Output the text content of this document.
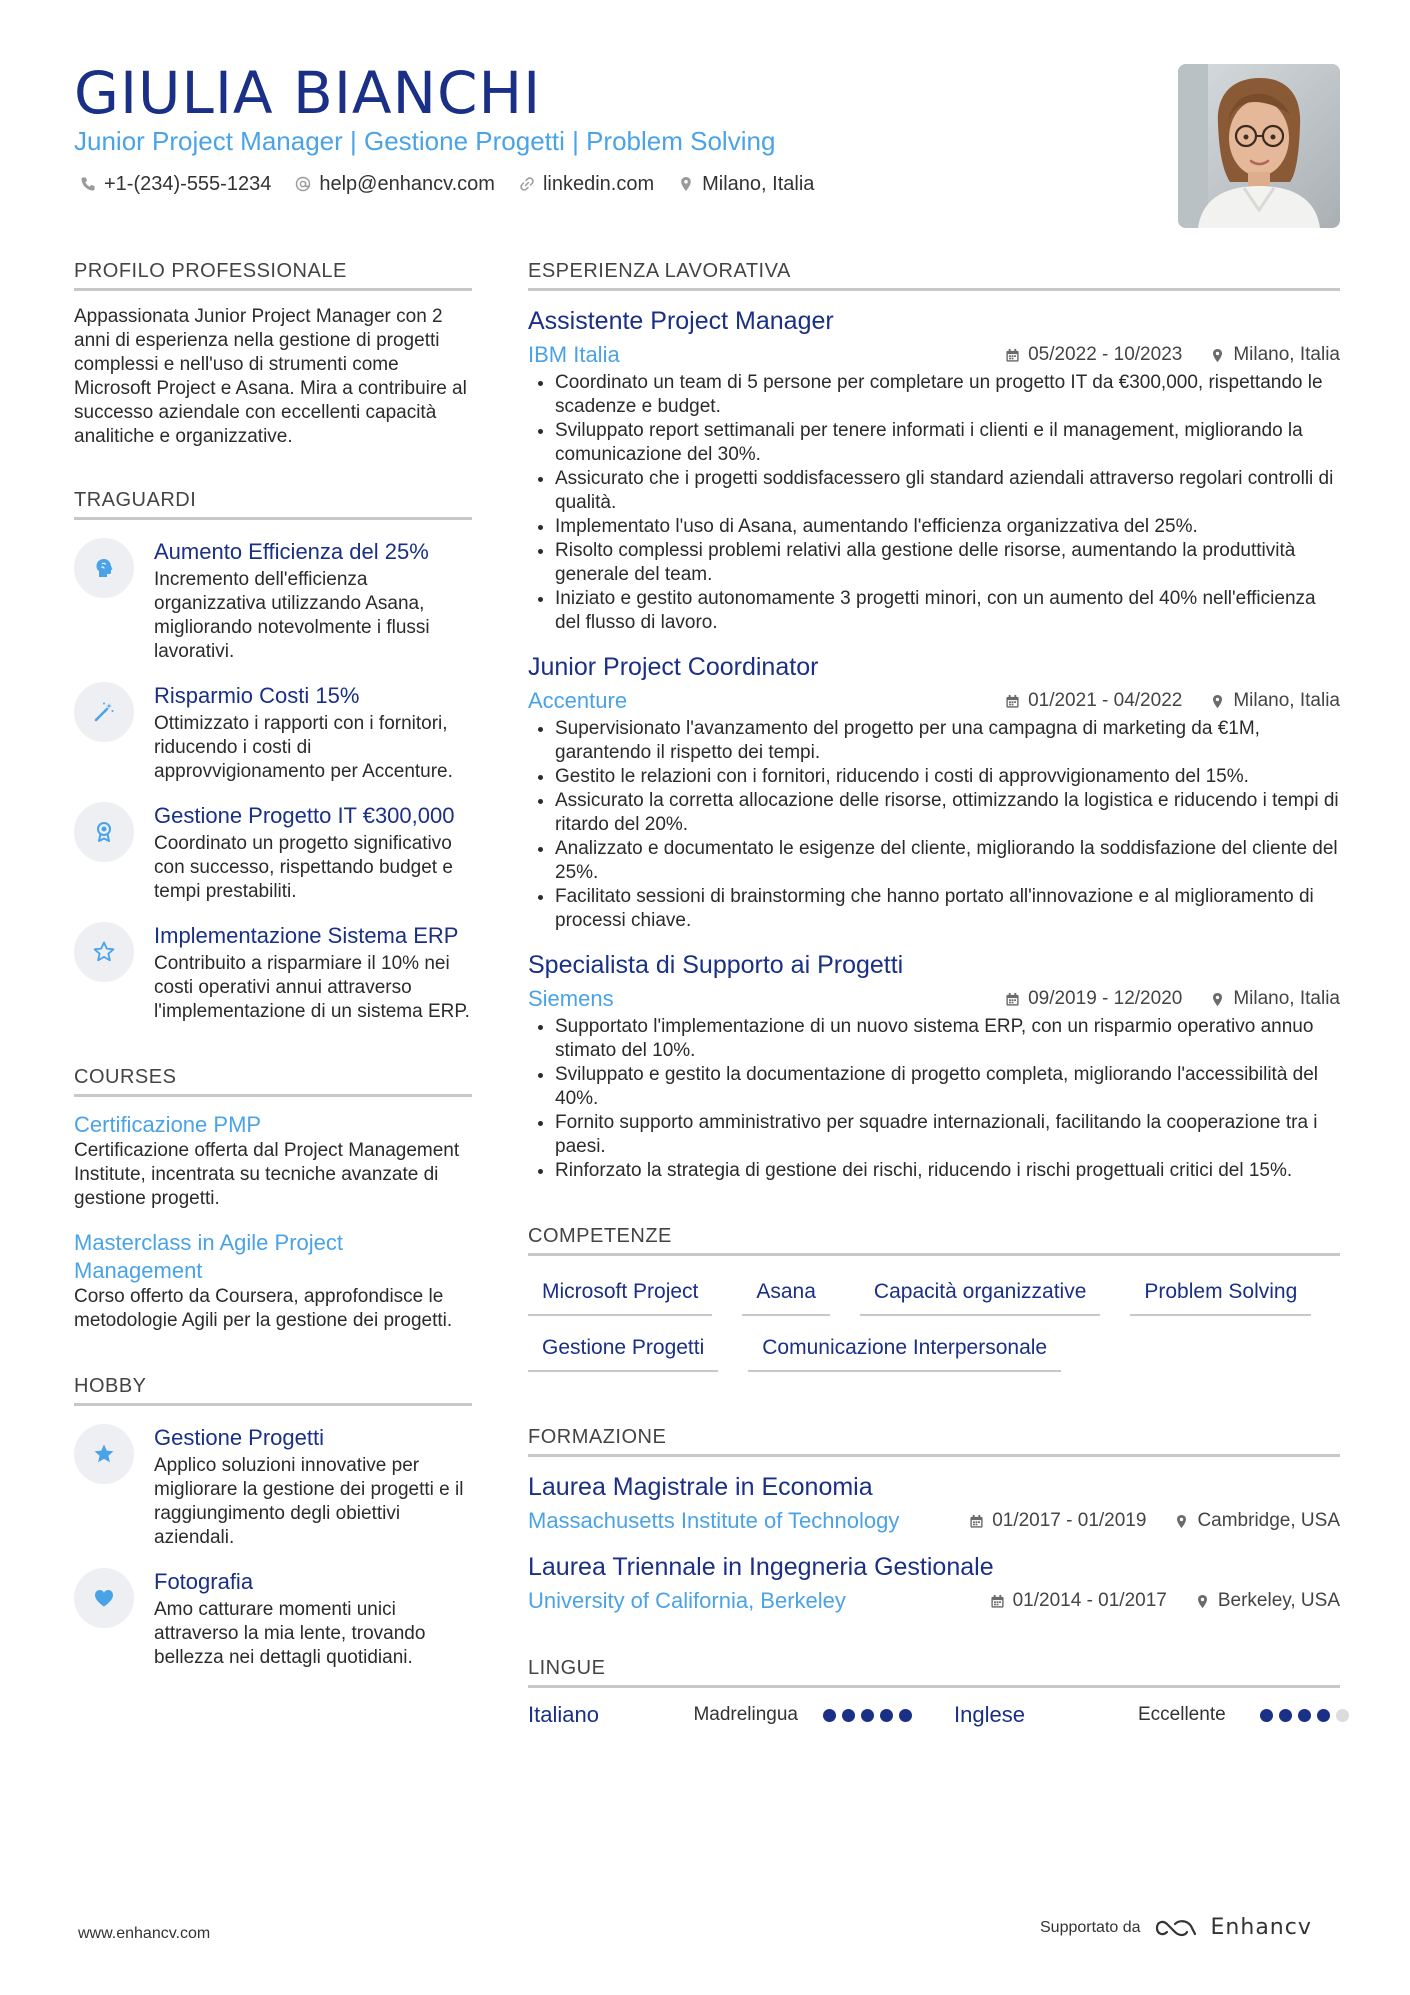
GIULIA BIANCHI
Junior Project Manager | Gestione Progetti | Problem Solving
+1-(234)-555-1234 help@enhancv.com linkedin.com Milano, Italia
PROFILO PROFESSIONALE
Appassionata Junior Project Manager con 2 anni di esperienza nella gestione di progetti complessi e nell'uso di strumenti come Microsoft Project e Asana. Mira a contribuire al successo aziendale con eccellenti capacità analitiche e organizzative.
TRAGUARDI
Aumento Efficienza del 25%
Incremento dell'efficienza organizzativa utilizzando Asana, migliorando notevolmente i flussi lavorativi.
Risparmio Costi 15%
Ottimizzato i rapporti con i fornitori, riducendo i costi di approvvigionamento per Accenture.
Gestione Progetto IT €300,000
Coordinato un progetto significativo con successo, rispettando budget e tempi prestabiliti.
Implementazione Sistema ERP
Contribuito a risparmiare il 10% nei costi operativi annui attraverso l'implementazione di un sistema ERP.
COURSES
Certificazione PMP
Certificazione offerta dal Project Management Institute, incentrata su tecniche avanzate di gestione progetti.
Masterclass in Agile Project Management
Corso offerto da Coursera, approfondisce le metodologie Agili per la gestione dei progetti.
HOBBY
Gestione Progetti
Applico soluzioni innovative per migliorare la gestione dei progetti e il raggiungimento degli obiettivi aziendali.
Fotografia
Amo catturare momenti unici attraverso la mia lente, trovando bellezza nei dettagli quotidiani.
ESPERIENZA LAVORATIVA
Assistente Project Manager
IBM Italia	05/2022 - 10/2023	Milano, Italia
• Coordinato un team di 5 persone per completare un progetto IT da €300,000, rispettando le scadenze e budget.
• Sviluppato report settimanali per tenere informati i clienti e il management, migliorando la comunicazione del 30%.
• Assicurato che i progetti soddisfacessero gli standard aziendali attraverso regolari controlli di qualità.
• Implementato l'uso di Asana, aumentando l'efficienza organizzativa del 25%.
• Risolto complessi problemi relativi alla gestione delle risorse, aumentando la produttività generale del team.
• Iniziato e gestito autonomamente 3 progetti minori, con un aumento del 40% nell'efficienza del flusso di lavoro.
Junior Project Coordinator
Accenture	01/2021 - 04/2022	Milano, Italia
• Supervisionato l'avanzamento del progetto per una campagna di marketing da €1M, garantendo il rispetto dei tempi.
• Gestito le relazioni con i fornitori, riducendo i costi di approvvigionamento del 15%.
• Assicurato la corretta allocazione delle risorse, ottimizzando la logistica e riducendo i tempi di ritardo del 20%.
• Analizzato e documentato le esigenze del cliente, migliorando la soddisfazione del cliente del 25%.
• Facilitato sessioni di brainstorming che hanno portato all'innovazione e al miglioramento di processi chiave.
Specialista di Supporto ai Progetti
Siemens	09/2019 - 12/2020	Milano, Italia
• Supportato l'implementazione di un nuovo sistema ERP, con un risparmio operativo annuo stimato del 10%.
• Sviluppato e gestito la documentazione di progetto completa, migliorando l'accessibilità del 40%.
• Fornito supporto amministrativo per squadre internazionali, facilitando la cooperazione tra i paesi.
• Rinforzato la strategia di gestione dei rischi, riducendo i rischi progettuali critici del 15%.
COMPETENZE
Microsoft Project	Asana	Capacità organizzative	Problem Solving
Gestione Progetti	Comunicazione Interpersonale
FORMAZIONE
Laurea Magistrale in Economia
Massachusetts Institute of Technology	01/2017 - 01/2019	Cambridge, USA
Laurea Triennale in Ingegneria Gestionale
University of California, Berkeley	01/2014 - 01/2017	Berkeley, USA
LINGUE
Italiano	Madrelingua	Inglese	Eccellente
www.enhancv.com	Supportato da	Enhancv
